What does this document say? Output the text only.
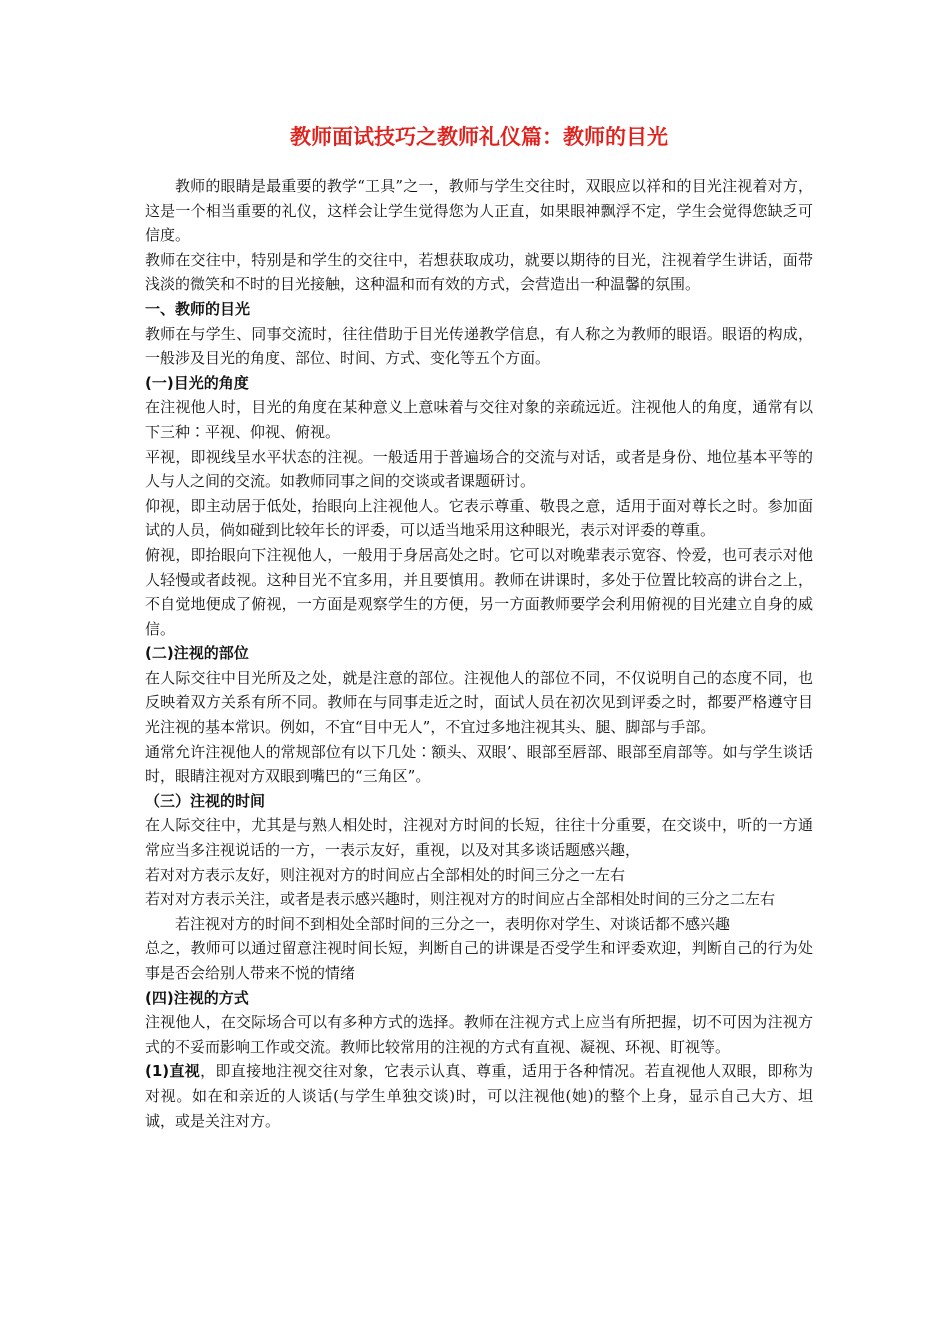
教师面试技巧之教师礼仪篇：教师的目光

教师的眼睛是最重要的教学“工具”之一，教师与学生交往时，双眼应以祥和的目光注视着对方，这是一个相当重要的礼仪，这样会让学生觉得您为人正直，如果眼神飘浮不定，学生会觉得您缺乏可信度。

教师在交往中，特别是和学生的交往中，若想获取成功，就要以期待的目光，注视着学生讲话，面带浅淡的微笑和不时的目光接触，这种温和而有效的方式，会营造出一种温馨的氛围。

一、教师的目光

教师在与学生、同事交流时，往往借助于目光传递教学信息，有人称之为教师的眼语。眼语的构成，一般涉及目光的角度、部位、时间、方式、变化等五个方面。

(一)目光的角度

在注视他人时，目光的角度在某种意义上意味着与交往对象的亲疏远近。注视他人的角度，通常有以下三种∶平视、仰视、俯视。

平视，即视线呈水平状态的注视。一般适用于普遍场合的交流与对话，或者是身份、地位基本平等的人与人之间的交流。如教师同事之间的交谈或者课题研讨。

仰视，即主动居于低处，抬眼向上注视他人。它表示尊重、敬畏之意，适用于面对尊长之时。参加面试的人员，倘如碰到比较年长的评委，可以适当地采用这种眼光，表示对评委的尊重。

俯视，即抬眼向下注视他人，一般用于身居高处之时。它可以对晚辈表示宽容、怜爱，也可表示对他人轻慢或者歧视。这种目光不宜多用，并且要慎用。教师在讲课时，多处于位置比较高的讲台之上，不自觉地便成了俯视，一方面是观察学生的方便，另一方面教师要学会利用俯视的目光建立自身的威信。

(二)注视的部位

在人际交往中目光所及之处，就是注意的部位。注视他人的部位不同，不仅说明自己的态度不同，也反映着双方关系有所不同。教师在与同事走近之时，面试人员在初次见到评委之时，都要严格遵守目光注视的基本常识。例如，不宜“目中无人”，不宜过多地注视其头、腿、脚部与手部。

通常允许注视他人的常规部位有以下几处∶额头、双眼’、眼部至唇部、眼部至肩部等。如与学生谈话时，眼睛注视对方双眼到嘴巴的“三角区”。

（三）注视的时间

在人际交往中，尤其是与熟人相处时，注视对方时间的长短，往往十分重要，在交谈中，听的一方通常应当多注视说话的一方，一表示友好，重视，以及对其多谈话题感兴趣，

若对对方表示友好，则注视对方的时间应占全部相处的时间三分之一左右

若对对方表示关注，或者是表示感兴趣时，则注视对方的时间应占全部相处时间的三分之二左右

若注视对方的时间不到相处全部时间的三分之一，表明你对学生、对谈话都不感兴趣

总之，教师可以通过留意注视时间长短，判断自己的讲课是否受学生和评委欢迎，判断自己的行为处事是否会给别人带来不悦的情绪

(四)注视的方式

注视他人，在交际场合可以有多种方式的选择。教师在注视方式上应当有所把握，切不可因为注视方式的不妥而影响工作或交流。教师比较常用的注视的方式有直视、凝视、环视、盯视等。

(1)直视，即直接地注视交往对象，它表示认真、尊重，适用于各种情况。若直视他人双眼，即称为对视。如在和亲近的人谈话(与学生单独交谈)时，可以注视他(她)的整个上身，显示自己大方、坦诚，或是关注对方。
